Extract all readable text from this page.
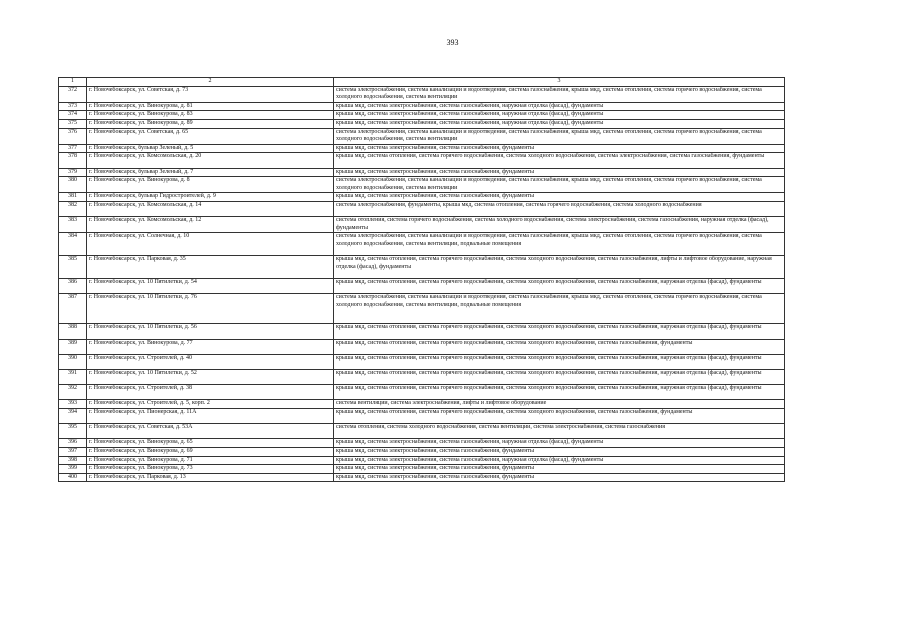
393
1	2	3
372	г. Новочебоксарск, ул. Советская, д. 73	система электроснабжения, система канализации и водоотведения, система газоснабжения, крыша мкд, система отопления, система горячего водоснабжения, система холодного водоснабжения, система вентиляции
373	г. Новочебоксарск, ул. Винокурова, д. 81	крыша мкд, система электроснабжения, система газоснабжения, наружная отделка (фасад), фундаменты
374	г. Новочебоксарск, ул. Винокурова, д. 83	крыша мкд, система электроснабжения, система газоснабжения, наружная отделка (фасад), фундаменты
375	г. Новочебоксарск, ул. Винокурова, д. 89	крыша мкд, система электроснабжения, система газоснабжения, наружная отделка (фасад), фундаменты
376	г. Новочебоксарск, ул. Советская, д. 65	система электроснабжения, система канализации и водоотведения, система газоснабжения, крыша мкд, система отопления, система горячего водоснабжения, система холодного водоснабжения, система вентиляции
377	г. Новочебоксарск, бульвар Зеленый, д. 5	крыша мкд, система электроснабжения, система газоснабжения, фундаменты
378	г. Новочебоксарск, ул. Комсомольская, д. 20	крыша мкд, система отопления, система горячего водоснабжения, система холодного водоснабжения, система электроснабжения, система газоснабжения, фундаменты
379	г. Новочебоксарск, бульвар Зеленый, д. 7	крыша мкд, система электроснабжения, система газоснабжения, фундаменты
380	г. Новочебоксарск, ул. Винокурова, д. 8	система электроснабжения, система канализации и водоотведения, система газоснабжения, крыша мкд, система отопления, система горячего водоснабжения, система холодного водоснабжения, система вентиляции
381	г. Новочебоксарск, бульвар Гидростроителей, д. 9	крыша мкд, система электроснабжения, система газоснабжения, фундаменты
382	г. Новочебоксарск, ул. Комсомольская, д. 14	система электроснабжения, фундаменты, крыша мкд, система отопления, система горячего водоснабжения, система холодного водоснабжения
383	г. Новочебоксарск, ул. Комсомольская, д. 12	система отопления, система горячего водоснабжения, система холодного водоснабжения, система электроснабжения, система газоснабжения, наружная отделка (фасад), фундаменты
384	г. Новочебоксарск, ул. Солнечная, д. 10	система электроснабжения, система канализации и водоотведения, система газоснабжения, крыша мкд, система отопления, система горячего водоснабжения, система холодного водоснабжения, система вентиляции, подвальные помещения
385	г. Новочебоксарск, ул. Парковая, д. 35	крыша мкд, система отопления, система горячего водоснабжения, система холодного водоснабжения, система газоснабжения, лифты и лифтовое оборудование, наружная отделка (фасад), фундаменты
386	г. Новочебоксарск, ул. 10 Пятилетки, д. 54	крыша мкд, система отопления, система горячего водоснабжения, система холодного водоснабжения, система газоснабжения, наружная отделка (фасад), фундаменты
387	г. Новочебоксарск, ул. 10 Пятилетки, д. 76	система электроснабжения, система канализации и водоотведения, система газоснабжения, крыша мкд, система отопления, система горячего водоснабжения, система холодного водоснабжения, система вентиляции, подвальные помещения
388	г. Новочебоксарск, ул. 10 Пятилетки, д. 56	крыша мкд, система отопления, система горячего водоснабжения, система холодного водоснабжения, система газоснабжения, наружная отделка (фасад), фундаменты
389	г. Новочебоксарск, ул. Винокурова, д. 77	крыша мкд, система отопления, система горячего водоснабжения, система холодного водоснабжения, система газоснабжения, фундаменты
390	г. Новочебоксарск, ул. Строителей, д. 40	крыша мкд, система отопления, система горячего водоснабжения, система холодного водоснабжения, система газоснабжения, наружная отделка (фасад), фундаменты
391	г. Новочебоксарск, ул. 10 Пятилетки, д. 52	крыша мкд, система отопления, система горячего водоснабжения, система холодного водоснабжения, система газоснабжения, наружная отделка (фасад), фундаменты
392	г. Новочебоксарск, ул. Строителей, д. 38	крыша мкд, система отопления, система горячего водоснабжения, система холодного водоснабжения, система газоснабжения, наружная отделка (фасад), фундаменты
393	г. Новочебоксарск, ул. Строителей, д. 5, корп. 2	система вентиляции, система электроснабжения, лифты и лифтовое оборудование
394	г. Новочебоксарск, ул. Пионерская, д. 11А	крыша мкд, система отопления, система горячего водоснабжения, система холодного водоснабжения, система газоснабжения, фундаменты
395	г. Новочебоксарск, ул. Советская, д. 53А	система отопления, система холодного водоснабжения, система вентиляции, система электроснабжения, система газоснабжения
396	г. Новочебоксарск, ул. Винокурова, д. 65	крыша мкд, система электроснабжения, система газоснабжения, наружная отделка (фасад), фундаменты
397	г. Новочебоксарск, ул. Винокурова, д. 69	крыша мкд, система электроснабжения, система газоснабжения, фундаменты
398	г. Новочебоксарск, ул. Винокурова, д. 71	крыша мкд, система электроснабжения, система газоснабжения, наружная отделка (фасад), фундаменты
399	г. Новочебоксарск, ул. Винокурова, д. 73	крыша мкд, система электроснабжения, система газоснабжения, фундаменты
400	г. Новочебоксарск, ул. Парковая, д. 13	крыша мкд, система электроснабжения, система газоснабжения, фундаменты
